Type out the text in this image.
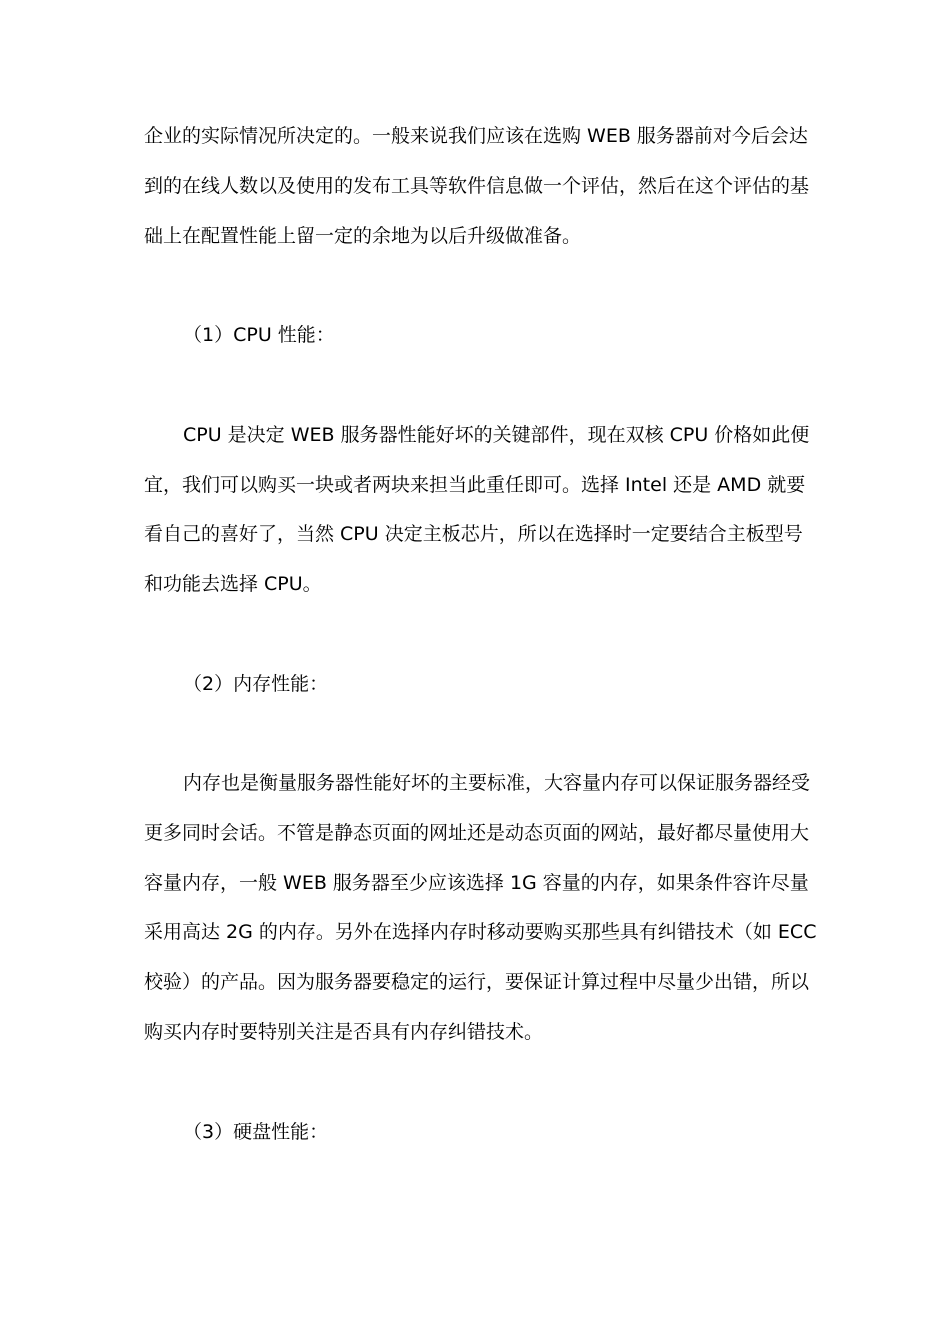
企业的实际情况所决定的。一般来说我们应该在选购 WEB 服务器前对今后会达
到的在线人数以及使用的发布工具等软件信息做一个评估，然后在这个评估的基
础上在配置性能上留一定的余地为以后升级做准备。
（1）CPU 性能：
CPU 是决定 WEB 服务器性能好坏的关键部件，现在双核 CPU 价格如此便
宜，我们可以购买一块或者两块来担当此重任即可。选择 Intel 还是 AMD 就要
看自己的喜好了，当然 CPU 决定主板芯片，所以在选择时一定要结合主板型号
和功能去选择 CPU。
（2）内存性能：
内存也是衡量服务器性能好坏的主要标准，大容量内存可以保证服务器经受
更多同时会话。不管是静态页面的网址还是动态页面的网站，最好都尽量使用大
容量内存，一般 WEB 服务器至少应该选择 1G 容量的内存，如果条件容许尽量
采用高达 2G 的内存。另外在选择内存时移动要购买那些具有纠错技术（如 ECC
校验）的产品。因为服务器要稳定的运行，要保证计算过程中尽量少出错，所以
购买内存时要特别关注是否具有内存纠错技术。
（3）硬盘性能：
